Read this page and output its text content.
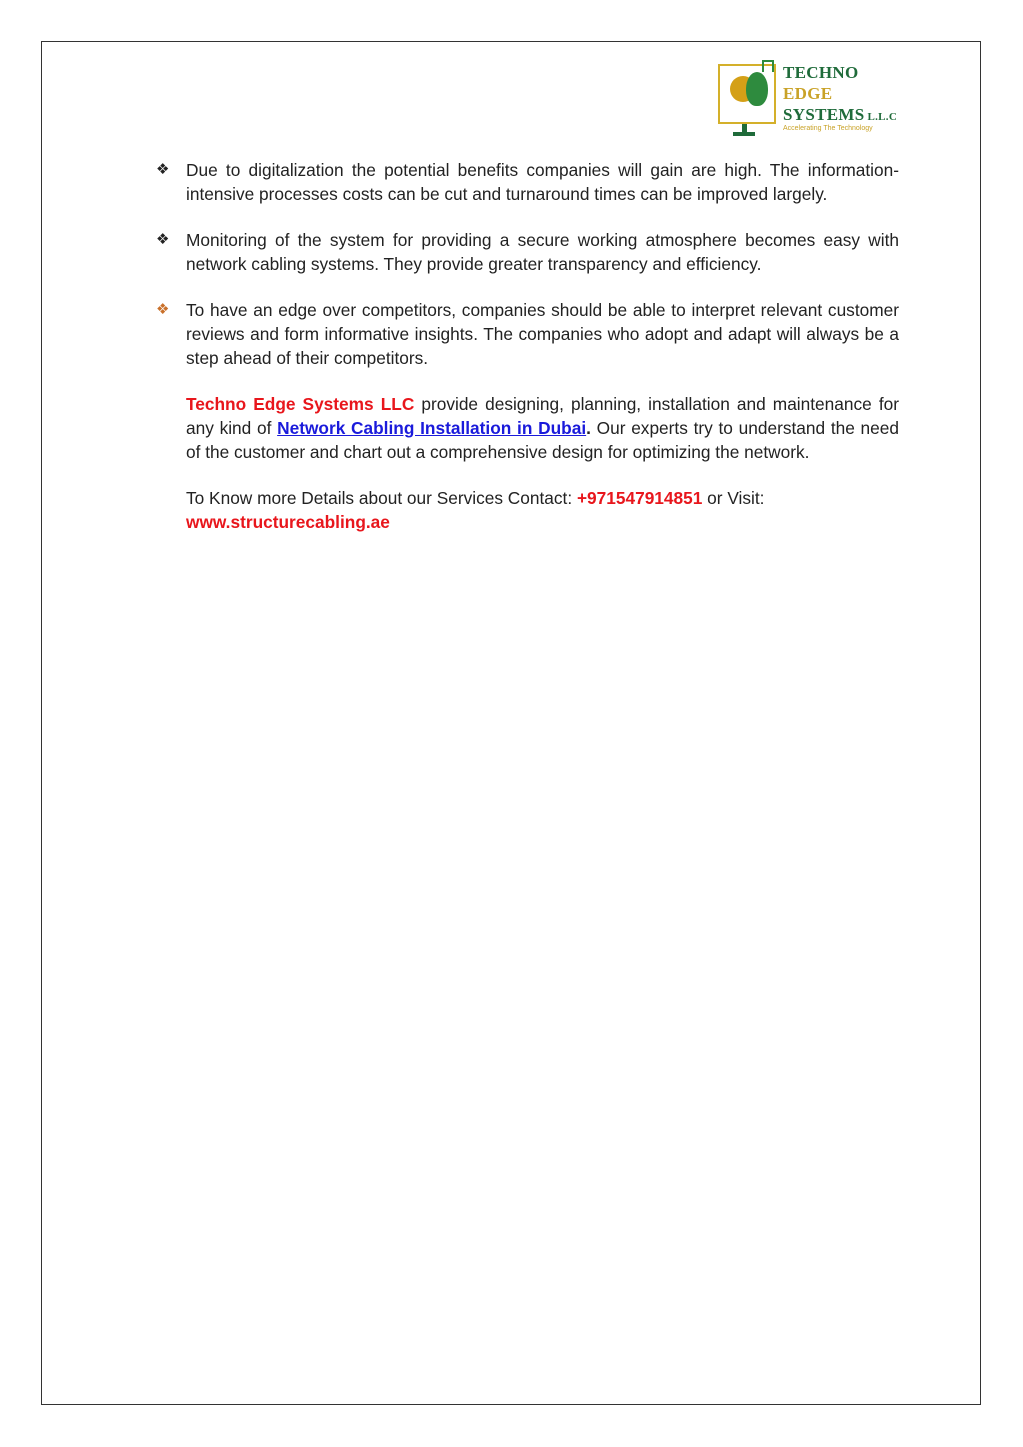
TECHNO
EDGE
SYSTEMS L.L.C
Accelerating The Technology
❖ Due to digitalization the potential benefits companies will gain are high. The information-intensive processes costs can be cut and turnaround times can be improved largely.

❖ Monitoring of the system for providing a secure working atmosphere becomes easy with network cabling systems. They provide greater transparency and efficiency.

❖ To have an edge over competitors, companies should be able to interpret relevant customer reviews and form informative insights. The companies who adopt and adapt will always be a step ahead of their competitors.

Techno Edge Systems LLC provide designing, planning, installation and maintenance for any kind of Network Cabling Installation in Dubai. Our experts try to understand the need of the customer and chart out a comprehensive design for optimizing the network.

To Know more Details about our Services Contact: +971547914851 or Visit:
www.structurecabling.ae
